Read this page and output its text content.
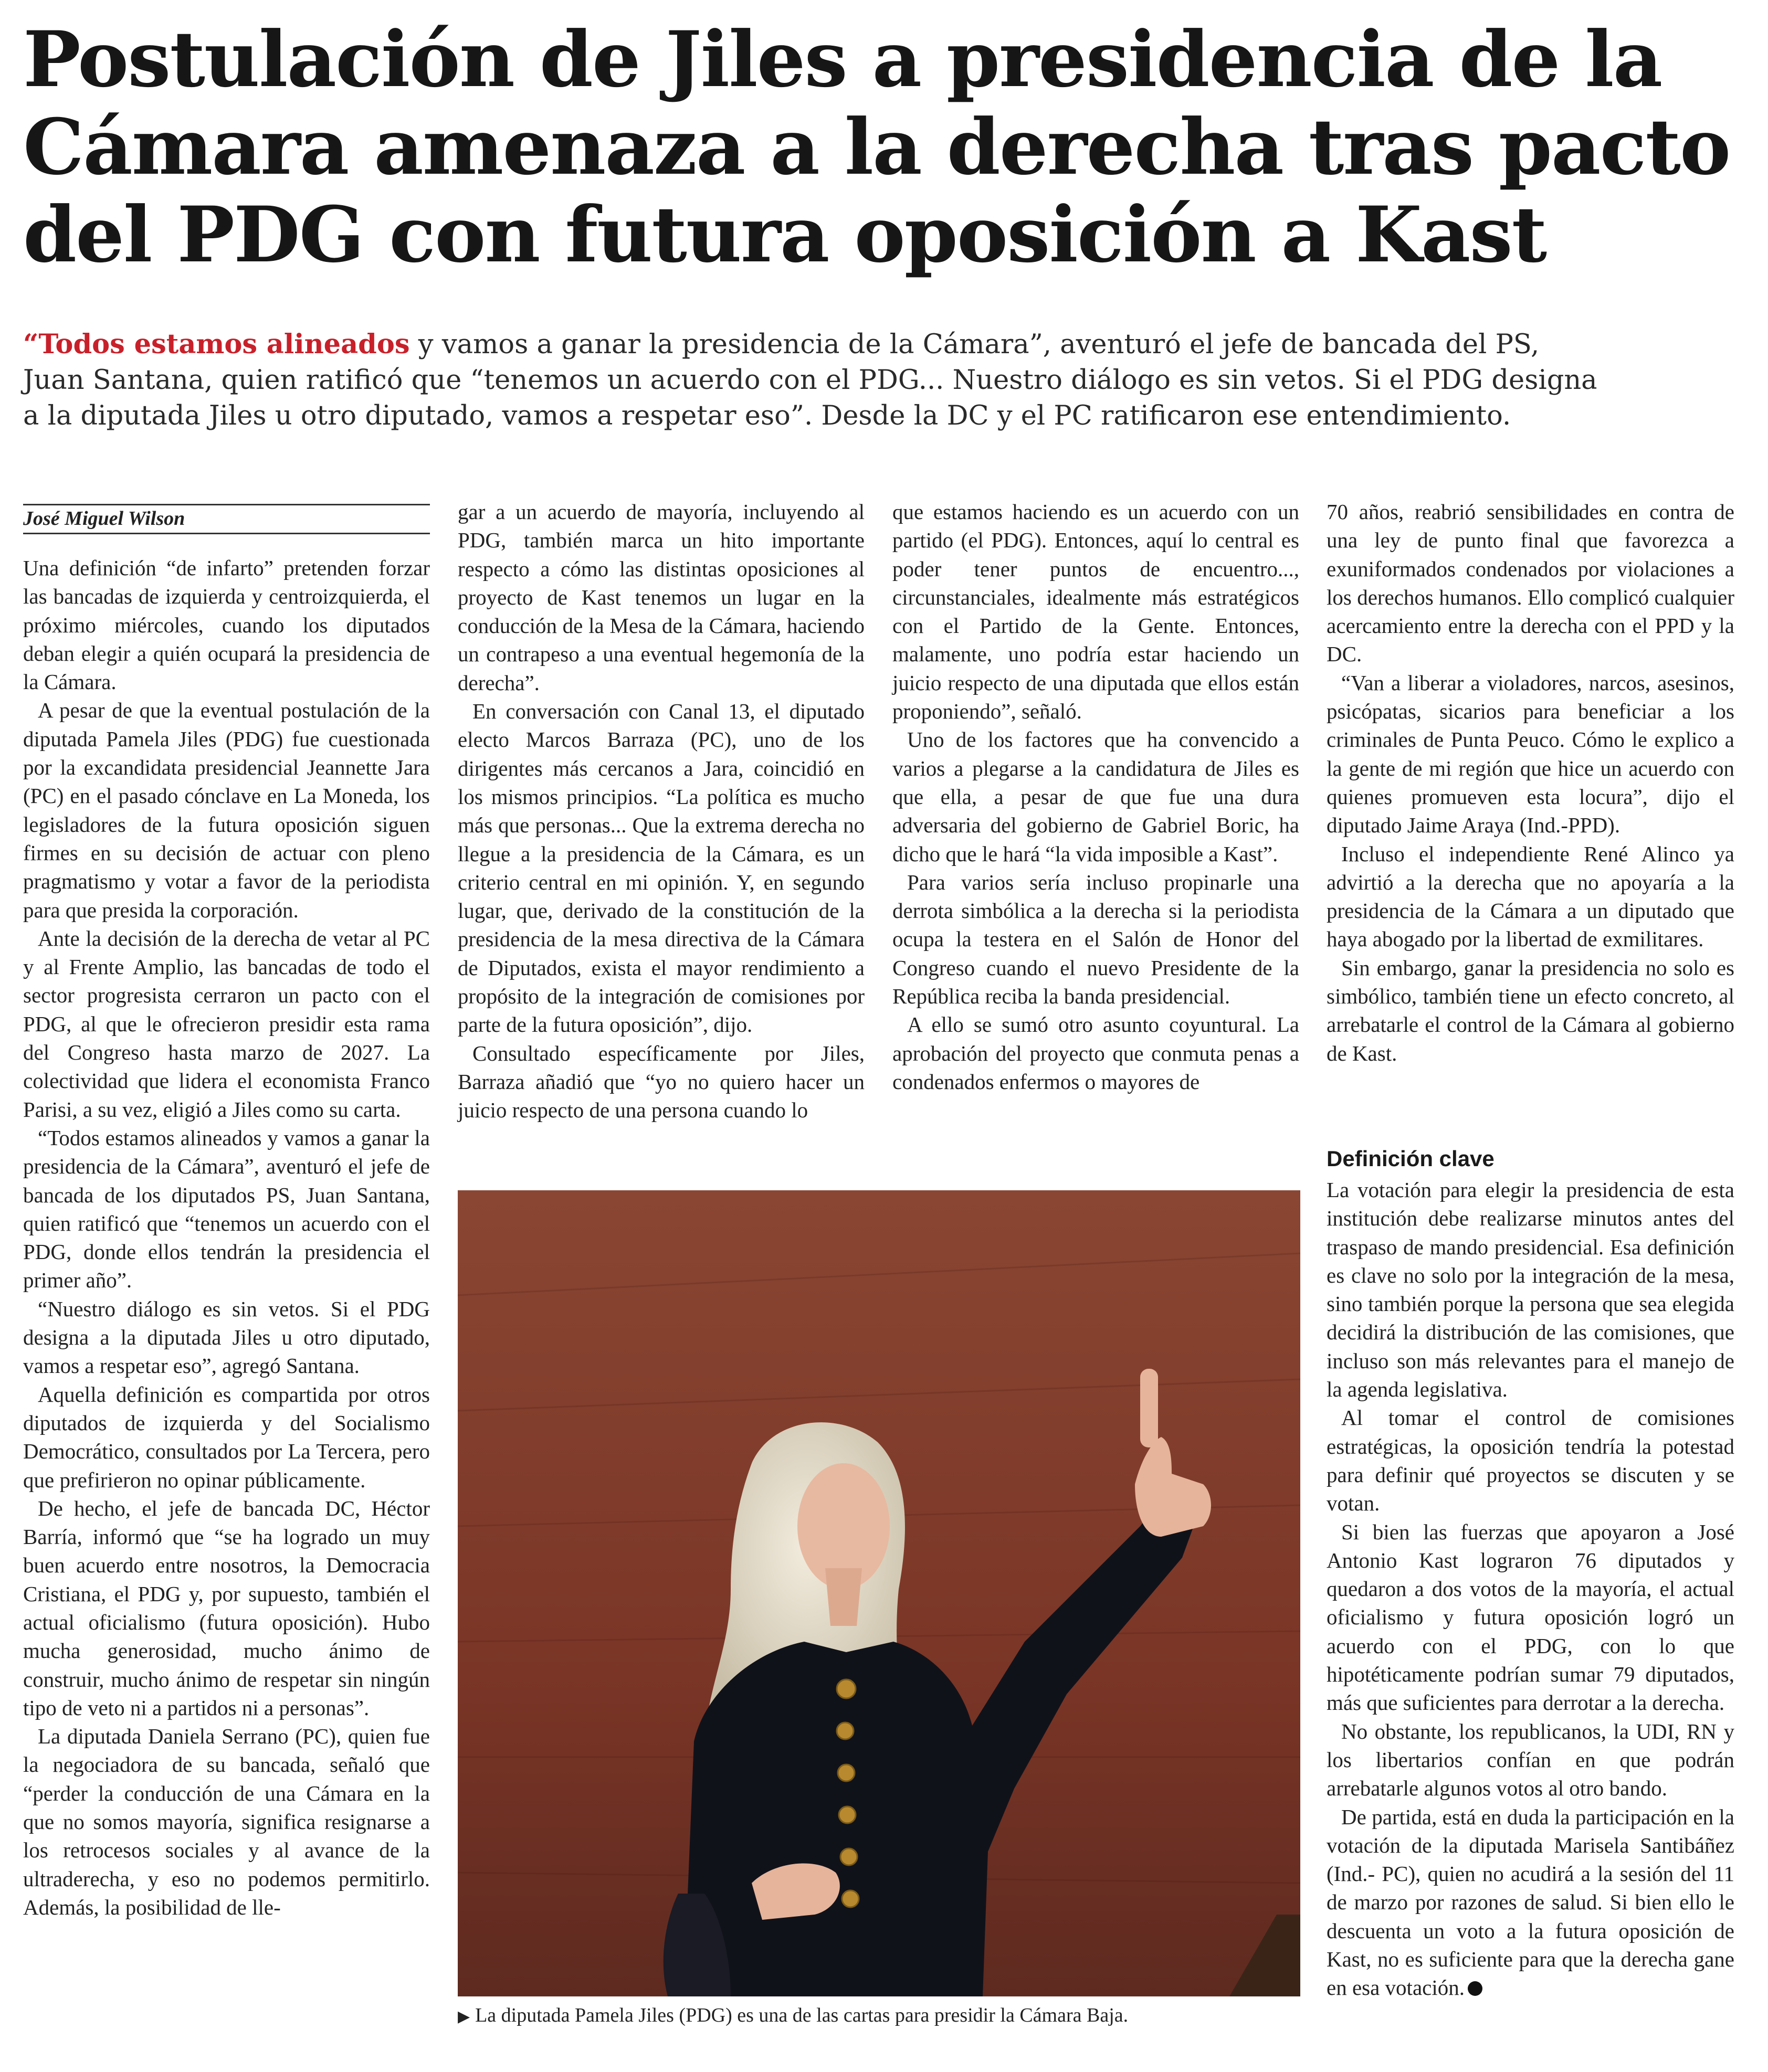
Postulación de Jiles a presidencia de la
Cámara amenaza a la derecha tras pacto
del PDG con futura oposición a Kast

“Todos estamos alineados y vamos a ganar la presidencia de la Cámara”, aventuró el jefe de bancada del PS, Juan Santana, quien ratificó que “tenemos un acuerdo con el PDG... Nuestro diálogo es sin vetos. Si el PDG designa a la diputada Jiles u otro diputado, vamos a respetar eso”. Desde la DC y el PC ratificaron ese entendimiento.

José Miguel Wilson

Una definición “de infarto” pretenden forzar las bancadas de izquierda y centroizquierda, el próximo miércoles, cuando los diputados deban elegir a quién ocupará la presidencia de la Cámara.

A pesar de que la eventual postulación de la diputada Pamela Jiles (PDG) fue cuestionada por la excandidata presidencial Jeannette Jara (PC) en el pasado cónclave en La Moneda, los legisladores de la futura oposición siguen firmes en su decisión de actuar con pleno pragmatismo y votar a favor de la periodista para que presida la corporación.

Ante la decisión de la derecha de vetar al PC y al Frente Amplio, las bancadas de todo el sector progresista cerraron un pacto con el PDG, al que le ofrecieron presidir esta rama del Congreso hasta marzo de 2027. La colectividad que lidera el economista Franco Parisi, a su vez, eligió a Jiles como su carta.

“Todos estamos alineados y vamos a ganar la presidencia de la Cámara”, aventuró el jefe de bancada de los diputados PS, Juan Santana, quien ratificó que “tenemos un acuerdo con el PDG, donde ellos tendrán la presidencia el primer año”.

“Nuestro diálogo es sin vetos. Si el PDG designa a la diputada Jiles u otro diputado, vamos a respetar eso”, agregó Santana.

Aquella definición es compartida por otros diputados de izquierda y del Socialismo Democrático, consultados por La Tercera, pero que prefirieron no opinar públicamente.

De hecho, el jefe de bancada DC, Héctor Barría, informó que “se ha logrado un muy buen acuerdo entre nosotros, la Democracia Cristiana, el PDG y, por supuesto, también el actual oficialismo (futura oposición). Hubo mucha generosidad, mucho ánimo de construir, mucho ánimo de respetar sin ningún tipo de veto ni a partidos ni a personas”.

La diputada Daniela Serrano (PC), quien fue la negociadora de su bancada, señaló que “perder la conducción de una Cámara en la que no somos mayoría, significa resignarse a los retrocesos sociales y al avance de la ultraderecha, y eso no podemos permitirlo. Además, la posibilidad de lle-

gar a un acuerdo de mayoría, incluyendo al PDG, también marca un hito importante respecto a cómo las distintas oposiciones al proyecto de Kast tenemos un lugar en la conducción de la Mesa de la Cámara, haciendo un contrapeso a una eventual hegemonía de la derecha”.

En conversación con Canal 13, el diputado electo Marcos Barraza (PC), uno de los dirigentes más cercanos a Jara, coincidió en los mismos principios. “La política es mucho más que personas... Que la extrema derecha no llegue a la presidencia de la Cámara, es un criterio central en mi opinión. Y, en segundo lugar, que, derivado de la constitución de la presidencia de la mesa directiva de la Cámara de Diputados, exista el mayor rendimiento a propósito de la integración de comisiones por parte de la futura oposición”, dijo.

Consultado específicamente por Jiles, Barraza añadió que “yo no quiero hacer un juicio respecto de una persona cuando lo

que estamos haciendo es un acuerdo con un partido (el PDG). Entonces, aquí lo central es poder tener puntos de encuentro..., circunstanciales, idealmente más estratégicos con el Partido de la Gente. Entonces, malamente, uno podría estar haciendo un juicio respecto de una diputada que ellos están proponiendo”, señaló.

Uno de los factores que ha convencido a varios a plegarse a la candidatura de Jiles es que ella, a pesar de que fue una dura adversaria del gobierno de Gabriel Boric, ha dicho que le hará “la vida imposible a Kast”.

Para varios sería incluso propinarle una derrota simbólica a la derecha si la periodista ocupa la testera en el Salón de Honor del Congreso cuando el nuevo Presidente de la República reciba la banda presidencial.

A ello se sumó otro asunto coyuntural. La aprobación del proyecto que conmuta penas a condenados enfermos o mayores de

70 años, reabrió sensibilidades en contra de una ley de punto final que favorezca a exuniformados condenados por violaciones a los derechos humanos. Ello complicó cualquier acercamiento entre la derecha con el PPD y la DC.

“Van a liberar a violadores, narcos, asesinos, psicópatas, sicarios para beneficiar a los criminales de Punta Peuco. Cómo le explico a la gente de mi región que hice un acuerdo con quienes promueven esta locura”, dijo el diputado Jaime Araya (Ind.-PPD).

Incluso el independiente René Alinco ya advirtió a la derecha que no apoyaría a la presidencia de la Cámara a un diputado que haya abogado por la libertad de exmilitares.

Sin embargo, ganar la presidencia no solo es simbólico, también tiene un efecto concreto, al arrebatarle el control de la Cámara al gobierno de Kast.

Definición clave

La votación para elegir la presidencia de esta institución debe realizarse minutos antes del traspaso de mando presidencial. Esa definición es clave no solo por la integración de la mesa, sino también porque la persona que sea elegida decidirá la distribución de las comisiones, que incluso son más relevantes para el manejo de la agenda legislativa.

Al tomar el control de comisiones estratégicas, la oposición tendría la potestad para definir qué proyectos se discuten y se votan.

Si bien las fuerzas que apoyaron a José Antonio Kast lograron 76 diputados y quedaron a dos votos de la mayoría, el actual oficialismo y futura oposición logró un acuerdo con el PDG, con lo que hipotéticamente podrían sumar 79 diputados, más que suficientes para derrotar a la derecha.

No obstante, los republicanos, la UDI, RN y los libertarios confían en que podrán arrebatarle algunos votos al otro bando.

De partida, está en duda la participación en la votación de la diputada Marisela Santibáñez (Ind.- PC), quien no acudirá a la sesión del 11 de marzo por razones de salud. Si bien ello le descuenta un voto a la futura oposición de Kast, no es suficiente para que la derecha gane en esa votación.

▶ La diputada Pamela Jiles (PDG) es una de las cartas para presidir la Cámara Baja.
